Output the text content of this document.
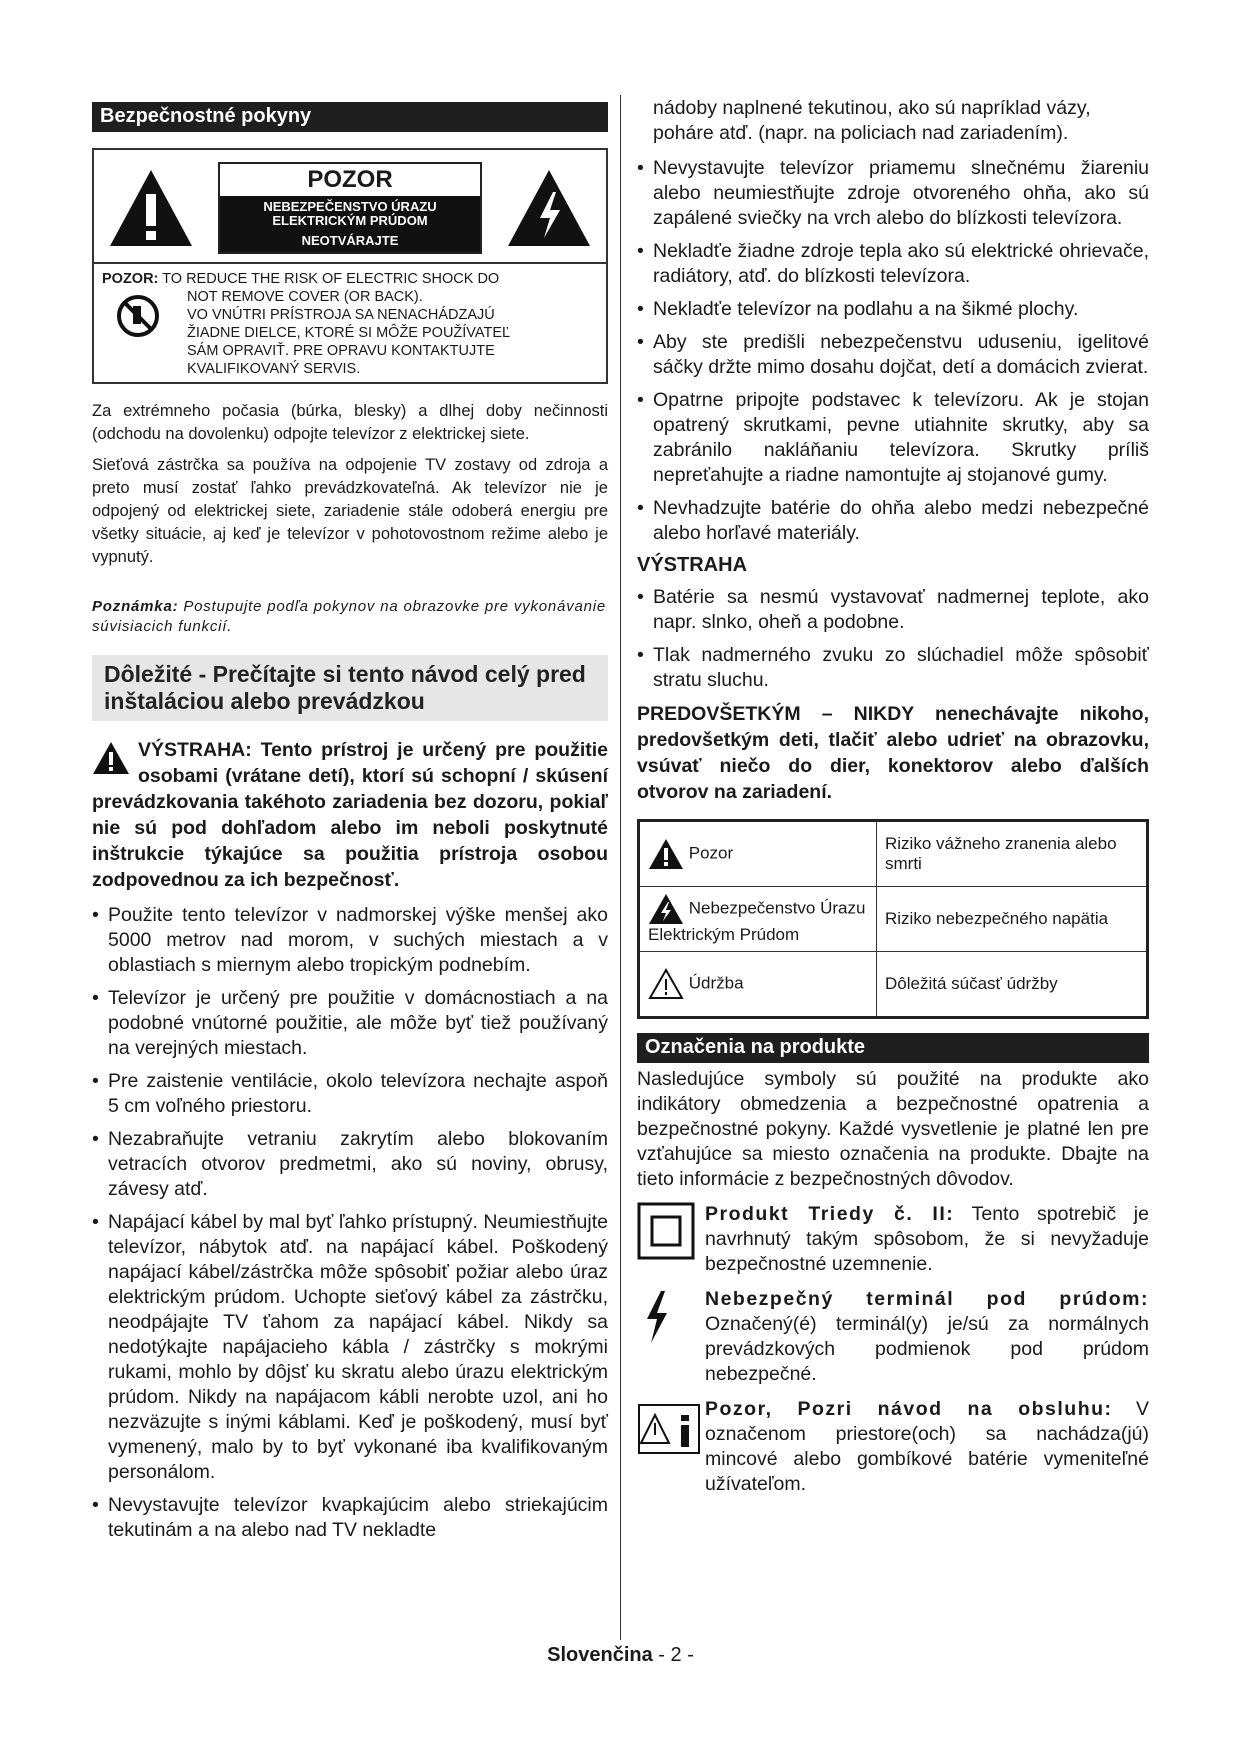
Bezpečnostné pokyny
POZOR
NEBEZPEČENSTVO ÚRAZU
ELEKTRICKÝM PRÚDOM
NEOTVÁRAJTE
POZOR: TO REDUCE THE RISK OF ELECTRIC SHOCK DO
NOT REMOVE COVER (OR BACK).
VO VNÚTRI PRÍSTROJA SA NENACHÁDZAJÚ
ŽIADNE DIELCE, KTORÉ SI MÔŽE POUŽÍVATEĽ
SÁM OPRAVIŤ. PRE OPRAVU KONTAKTUJTE
KVALIFIKOVANÝ SERVIS.

Za extrémneho počasia (búrka, blesky) a dlhej doby nečinnosti (odchodu na dovolenku) odpojte televízor z elektrickej siete.

Sieťová zástrčka sa používa na odpojenie TV zostavy od zdroja a preto musí zostať ľahko prevádzkovateľná. Ak televízor nie je odpojený od elektrickej siete, zariadenie stále odoberá energiu pre všetky situácie, aj keď je televízor v pohotovostnom režime alebo je vypnutý.

Poznámka: Postupujte podľa pokynov na obrazovke pre vykonávanie súvisiacich funkcií.

Dôležité - Prečítajte si tento návod celý pred inštaláciou alebo prevádzkou
VÝSTRAHA: Tento prístroj je určený pre použitie osobami (vrátane detí), ktorí sú schopní / skúsení prevádzkovania takéhoto zariadenia bez dozoru, pokiaľ nie sú pod dohľadom alebo im neboli poskytnuté inštrukcie týkajúce sa použitia prístroja osobou zodpovednou za ich bezpečnosť.
• Použite tento televízor v nadmorskej výške menšej ako 5000 metrov nad morom, v suchých miestach a v oblastiach s miernym alebo tropickým podnebím.
• Televízor je určený pre použitie v domácnostiach a na podobné vnútorné použitie, ale môže byť tiež používaný na verejných miestach.
• Pre zaistenie ventilácie, okolo televízora nechajte aspoň 5 cm voľného priestoru.
• Nezabraňujte vetraniu zakrytím alebo blokovaním vetracích otvorov predmetmi, ako sú noviny, obrusy, závesy atď.
• Napájací kábel by mal byť ľahko prístupný. Neumiestňujte televízor, nábytok atď. na napájací kábel. Poškodený napájací kábel/zástrčka môže spôsobiť požiar alebo úraz elektrickým prúdom. Uchopte sieťový kábel za zástrčku, neodpájajte TV ťahom za napájací kábel. Nikdy sa nedotýkajte napájacieho kábla / zástrčky s mokrými rukami, mohlo by dôjsť ku skratu alebo úrazu elektrickým prúdom. Nikdy na napájacom kábli nerobte uzol, ani ho nezväzujte s inými káblami. Keď je poškodený, musí byť vymenený, malo by to byť vykonané iba kvalifikovaným personálom.
• Nevystavujte televízor kvapkajúcim alebo striekajúcim tekutinám a na alebo nad TV nekladte

nádoby naplnené tekutinou, ako sú napríklad vázy, poháre atď. (napr. na policiach nad zariadením).

• Nevystavujte televízor priamemu slnečnému žiareniu alebo neumiestňujte zdroje otvoreného ohňa, ako sú zapálené sviečky na vrch alebo do blízkosti televízora.
• Nekladťe žiadne zdroje tepla ako sú elektrické ohrievače, radiátory, atď. do blízkosti televízora.
• Nekladťe televízor na podlahu a na šikmé plochy.
• Aby ste predišli nebezpečenstvu uduseniu, igelitové sáčky držte mimo dosahu dojčat, detí a domácich zvierat.
• Opatrne pripojte podstavec k televízoru. Ak je stojan opatrený skrutkami, pevne utiahnite skrutky, aby sa zabránilo nakláňaniu televízora. Skrutky príliš nepreťahujte a riadne namontujte aj stojanové gumy.
• Nevhadzujte batérie do ohňa alebo medzi nebezpečné alebo horľavé materiály.
VÝSTRAHA
• Batérie sa nesmú vystavovať nadmernej teplote, ako napr. slnko, oheň a podobne.
• Tlak nadmerného zvuku zo slúchadiel môže spôsobiť stratu sluchu.

PREDOVŠETKÝM – NIKDY nenechávajte nikoho, predovšetkým deti, tlačiť alebo udrieť na obrazovku, vsúvať niečo do dier, konektorov alebo ďalších otvorov na zariadení.

Pozor	Riziko vážneho zranenia alebo smrti
Nebezpečenstvo Úrazu Elektrickým Prúdom	Riziko nebezpečného napätia
Údržba	Dôležitá súčasť údržby
Označenia na produkte

Nasledujúce symboly sú použité na produkte ako indikátory obmedzenia a bezpečnostné opatrenia a bezpečnostné pokyny. Každé vysvetlenie je platné len pre vzťahujúce sa miesto označenia na produkte. Dbajte na tieto informácie z bezpečnostných dôvodov.

Produkt Triedy č. II: Tento spotrebič je navrhnutý takým spôsobom, že si nevyžaduje bezpečnostné uzemnenie.
Nebezpečný terminál pod prúdom: Označený(é) terminál(y) je/sú za normálnych prevádzkových podmienok pod prúdom nebezpečné.
Pozor, Pozri návod na obsluhu: V označenom priestore(och) sa nachádza(jú) mincové alebo gombíkové batérie vymeniteľné užívateľom.
Slovenčina - 2 -
